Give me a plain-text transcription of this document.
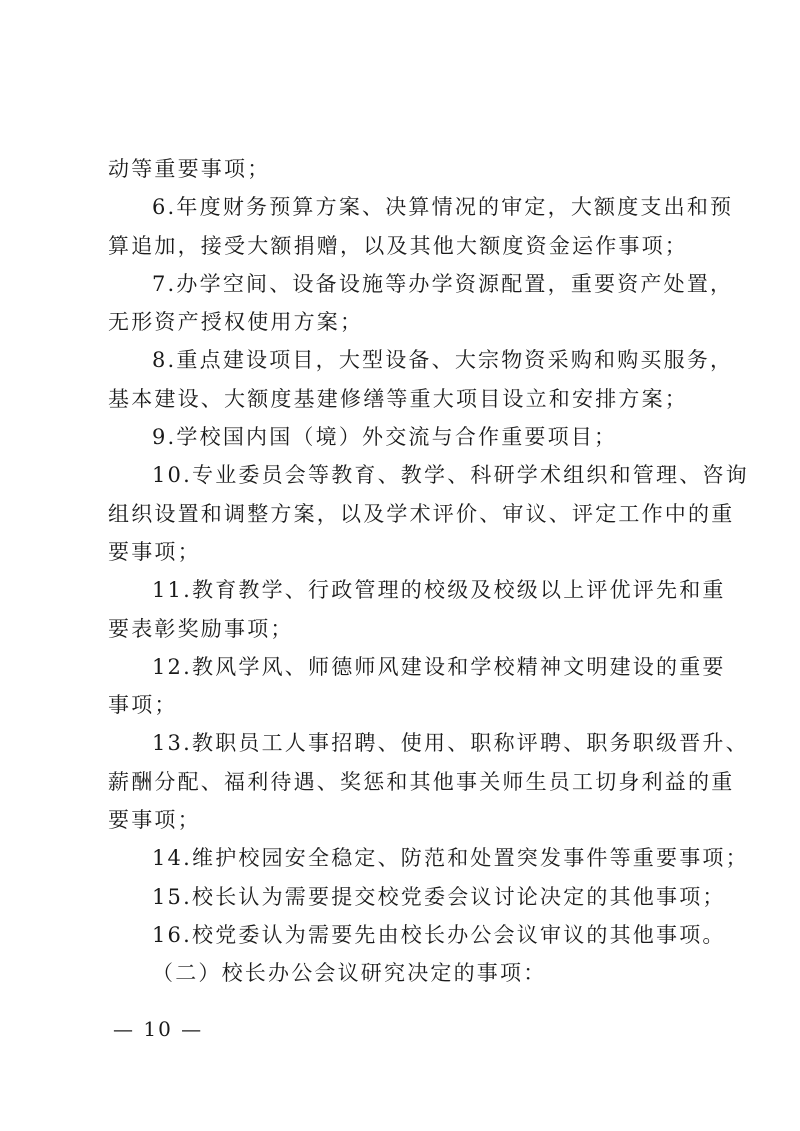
动等重要事项；
6.年度财务预算方案、决算情况的审定，大额度支出和预
算追加，接受大额捐赠，以及其他大额度资金运作事项；
7.办学空间、设备设施等办学资源配置，重要资产处置，
无形资产授权使用方案；
8.重点建设项目，大型设备、大宗物资采购和购买服务，
基本建设、大额度基建修缮等重大项目设立和安排方案；
9.学校国内国（境）外交流与合作重要项目；
10.专业委员会等教育、教学、科研学术组织和管理、咨询
组织设置和调整方案，以及学术评价、审议、评定工作中的重
要事项；
11.教育教学、行政管理的校级及校级以上评优评先和重
要表彰奖励事项；
12.教风学风、师德师风建设和学校精神文明建设的重要
事项；
13.教职员工人事招聘、使用、职称评聘、职务职级晋升、
薪酬分配、福利待遇、奖惩和其他事关师生员工切身利益的重
要事项；
14.维护校园安全稳定、防范和处置突发事件等重要事项；
15.校长认为需要提交校党委会议讨论决定的其他事项；
16.校党委认为需要先由校长办公会议审议的其他事项。
（二）校长办公会议研究决定的事项：
— 10 —
